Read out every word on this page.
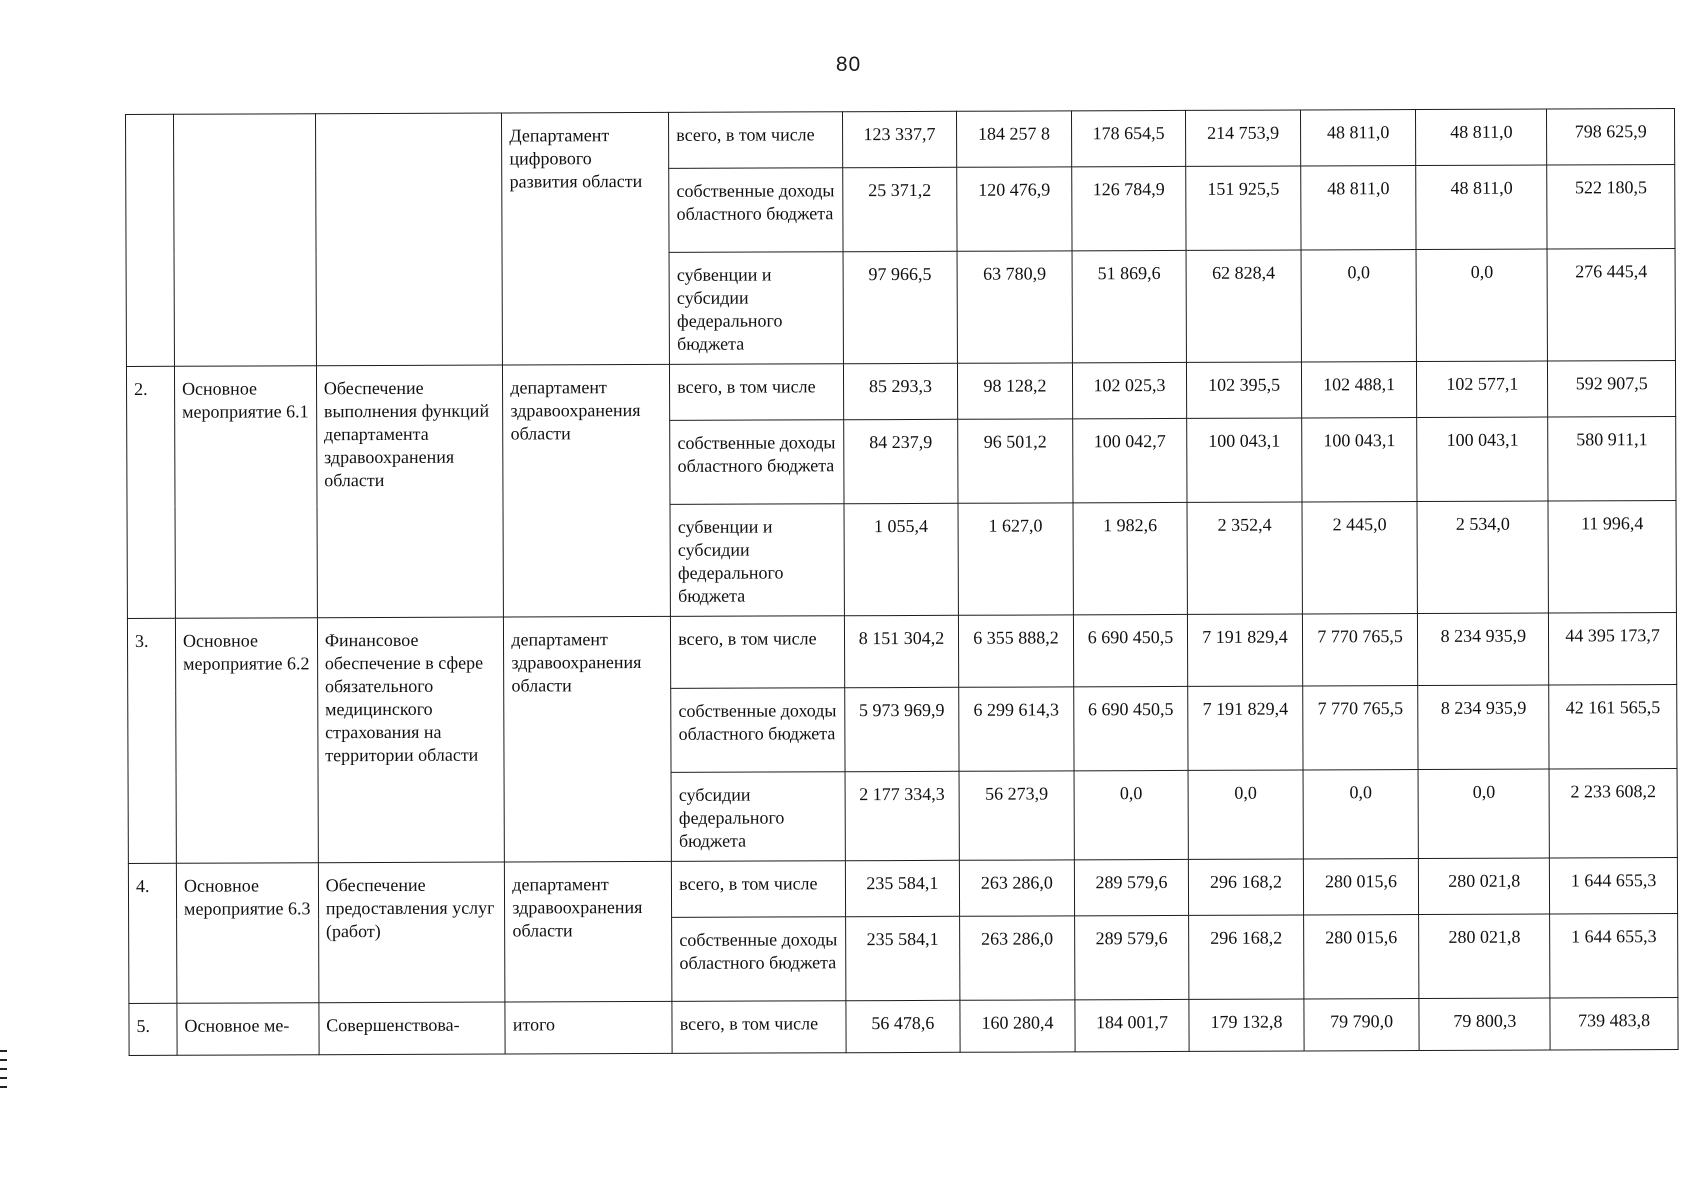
80
			Департамент цифрового развития области	всего, в том числе	123 337,7	184 257 8	178 654,5	214 753,9	48 811,0	48 811,0	798 625,9
				собственные доходы областного бюджета	25 371,2	120 476,9	126 784,9	151 925,5	48 811,0	48 811,0	522 180,5
				субвенции и субсидии федерального бюджета	97 966,5	63 780,9	51 869,6	62 828,4	0,0	0,0	276 445,4
2.	Основное мероприятие 6.1	Обеспечение выполнения функций департамента здравоохранения области	департамент здравоохранения области	всего, в том числе	85 293,3	98 128,2	102 025,3	102 395,5	102 488,1	102 577,1	592 907,5
				собственные доходы областного бюджета	84 237,9	96 501,2	100 042,7	100 043,1	100 043,1	100 043,1	580 911,1
				субвенции и субсидии федерального бюджета	1 055,4	1 627,0	1 982,6	2 352,4	2 445,0	2 534,0	11 996,4
3.	Основное мероприятие 6.2	Финансовое обеспечение в сфере обязательного медицинского страхования на территории области	департамент здравоохранения области	всего, в том числе	8 151 304,2	6 355 888,2	6 690 450,5	7 191 829,4	7 770 765,5	8 234 935,9	44 395 173,7
				собственные доходы областного бюджета	5 973 969,9	6 299 614,3	6 690 450,5	7 191 829,4	7 770 765,5	8 234 935,9	42 161 565,5
				субсидии федерального бюджета	2 177 334,3	56 273,9	0,0	0,0	0,0	0,0	2 233 608,2
4.	Основное мероприятие 6.3	Обеспечение предоставления услуг (работ)	департамент здравоохранения области	всего, в том числе	235 584,1	263 286,0	289 579,6	296 168,2	280 015,6	280 021,8	1 644 655,3
				собственные доходы областного бюджета	235 584,1	263 286,0	289 579,6	296 168,2	280 015,6	280 021,8	1 644 655,3
5.	Основное ме-	Совершенствова-	итого	всего, в том числе	56 478,6	160 280,4	184 001,7	179 132,8	79 790,0	79 800,3	739 483,8
